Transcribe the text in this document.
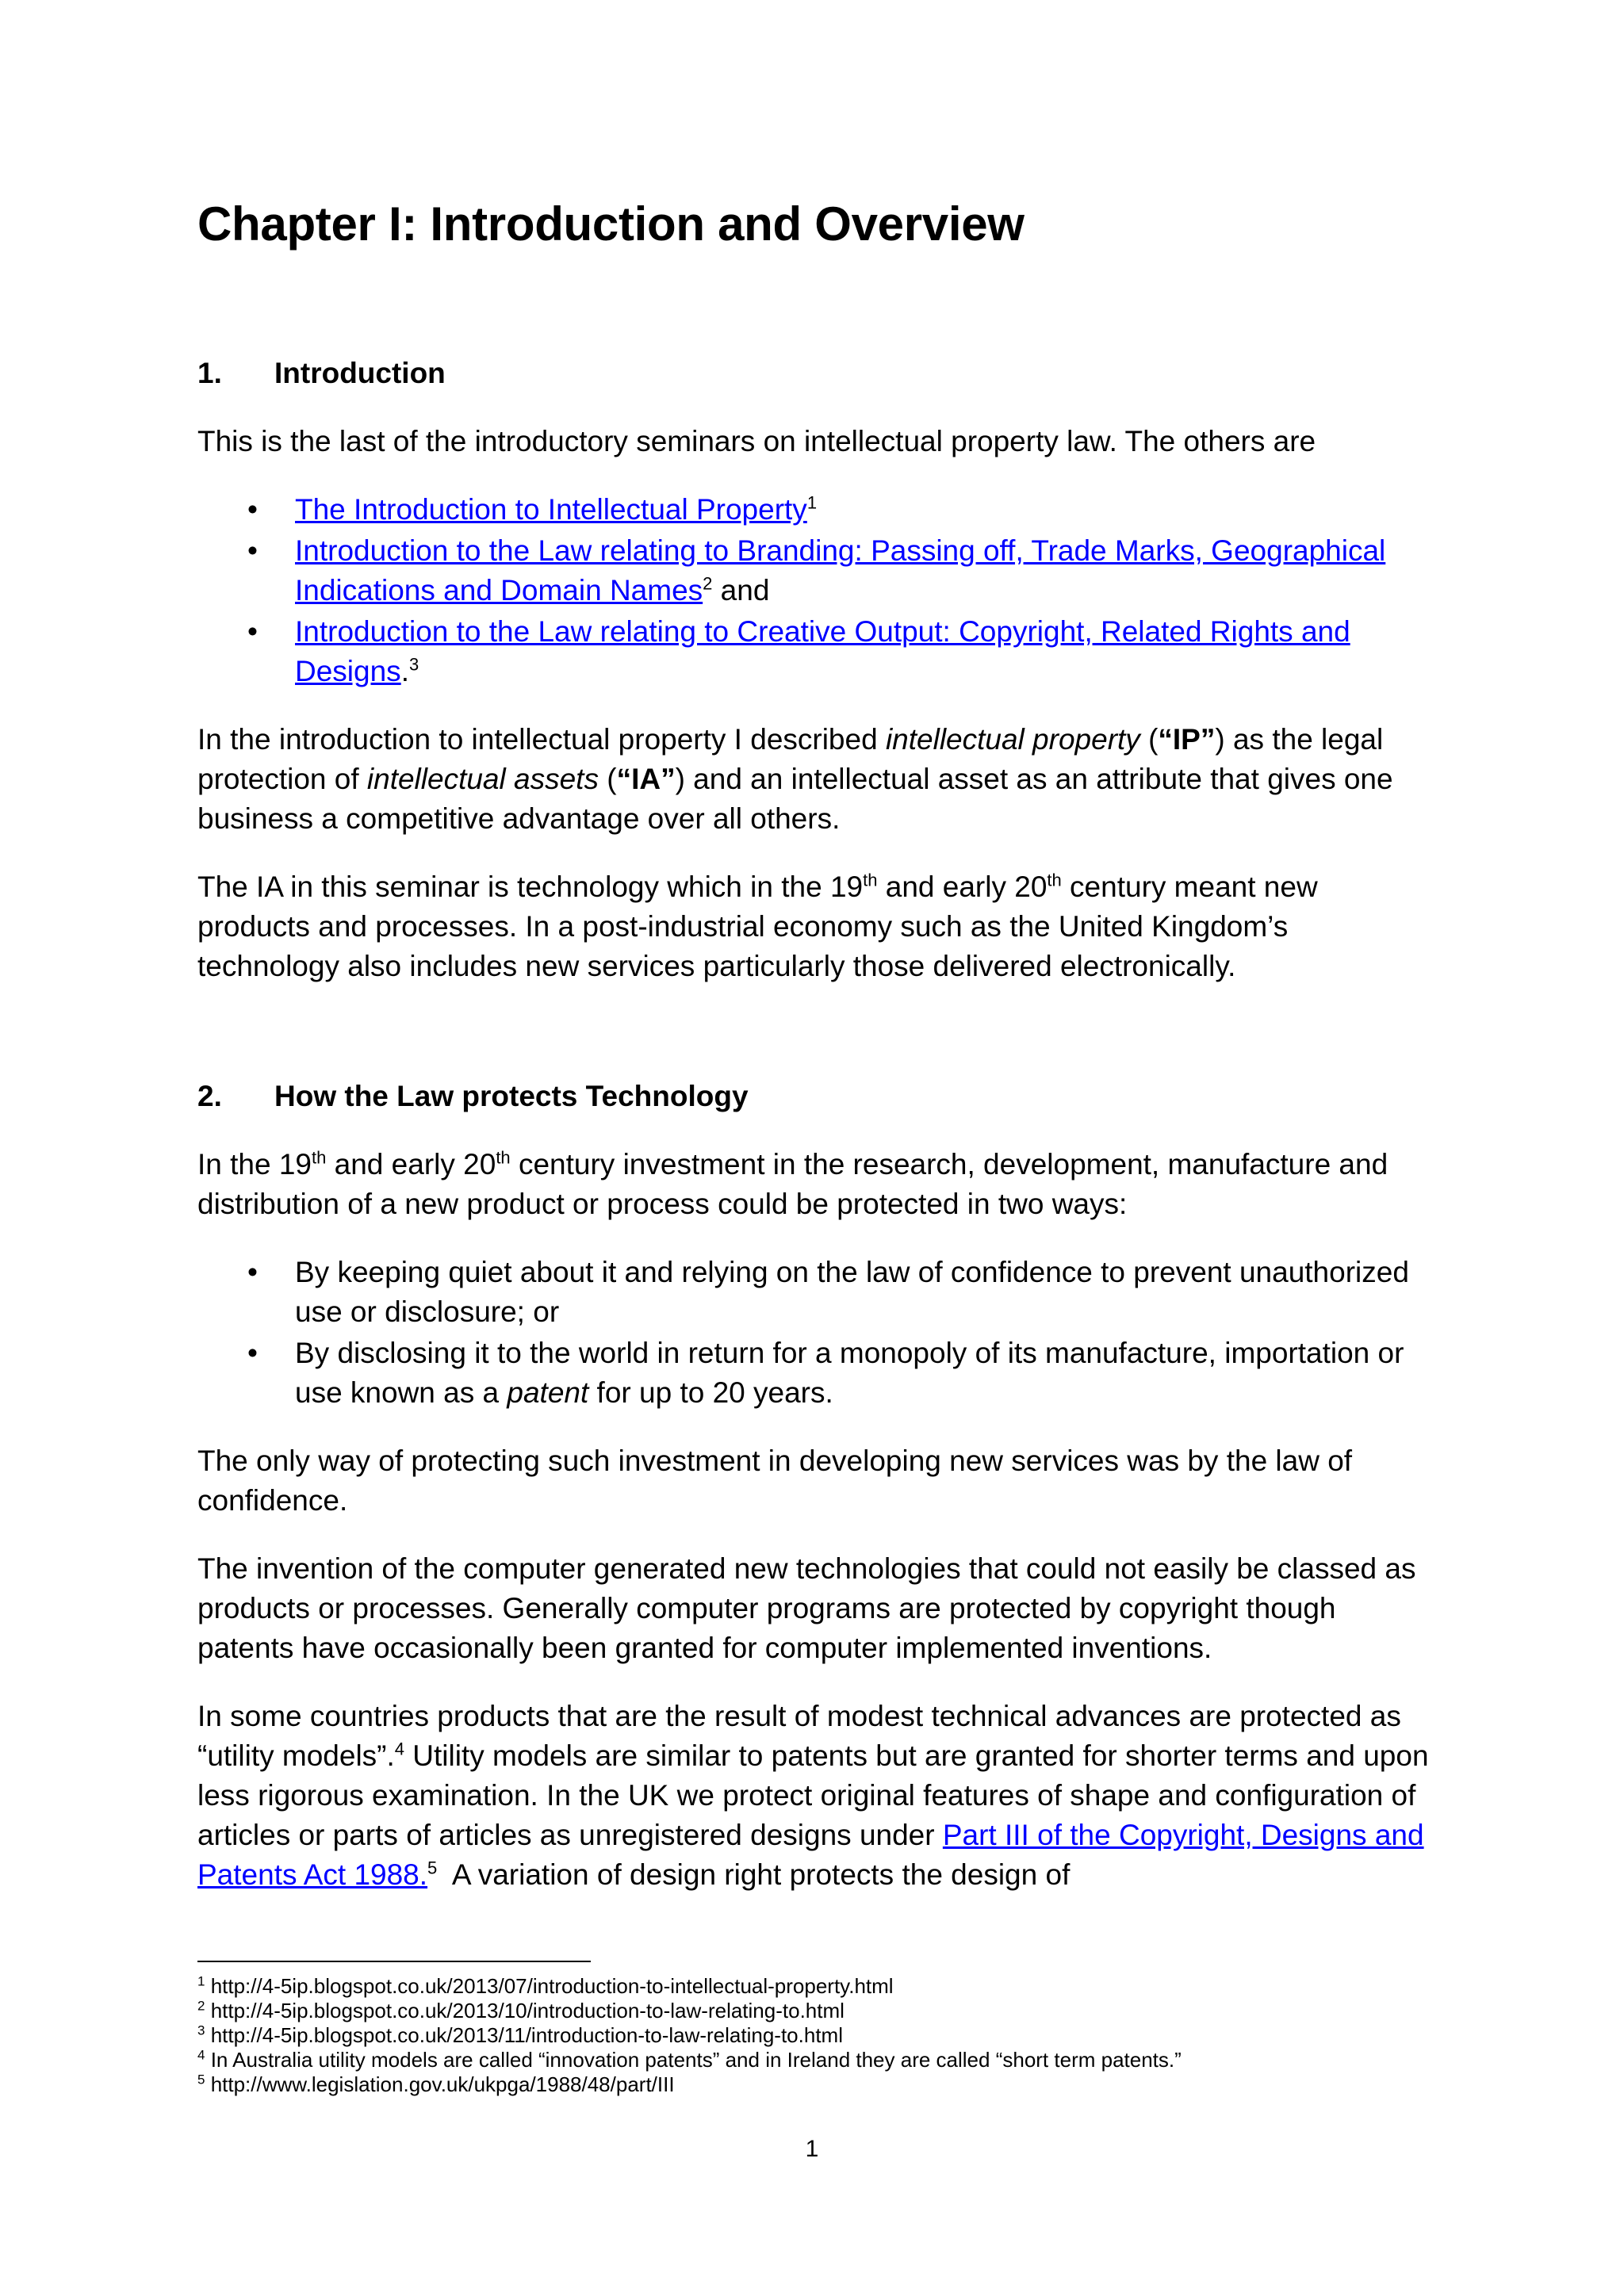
Chapter I: Introduction and Overview
1.	Introduction

This is the last of the introductory seminars on intellectual property law. The others are

• The Introduction to Intellectual Property$^1$
• Introduction to the Law relating to Branding: Passing off, Trade Marks, Geographical Indications and Domain Names$^2$ and
• Introduction to the Law relating to Creative Output: Copyright, Related Rights and Designs.$^3$

In the introduction to intellectual property I described intellectual property (“IP”) as the legal protection of intellectual assets (“IA”) and an intellectual asset as an attribute that gives one business a competitive advantage over all others.

The IA in this seminar is technology which in the 19th and early 20th century meant new products and processes. In a post-industrial economy such as the United Kingdom’s technology also includes new services particularly those delivered electronically.

2.	How the Law protects Technology

In the 19th and early 20th century investment in the research, development, manufacture and distribution of a new product or process could be protected in two ways:

• By keeping quiet about it and relying on the law of confidence to prevent unauthorized use or disclosure; or
• By disclosing it to the world in return for a monopoly of its manufacture, importation or use known as a patent for up to 20 years.

The only way of protecting such investment in developing new services was by the law of confidence.

The invention of the computer generated new technologies that could not easily be classed as products or processes. Generally computer programs are protected by copyright though patents have occasionally been granted for computer implemented inventions.

In some countries products that are the result of modest technical advances are protected as “utility models”.$^4$ Utility models are similar to patents but are granted for shorter terms and upon less rigorous examination. In the UK we protect original features of shape and configuration of articles or parts of articles as unregistered designs under Part III of the Copyright, Designs and Patents Act 1988.$^5$  A variation of design right protects the design of

$^1$ http://4-5ip.blogspot.co.uk/2013/07/introduction-to-intellectual-property.html
$^2$ http://4-5ip.blogspot.co.uk/2013/10/introduction-to-law-relating-to.html
$^3$ http://4-5ip.blogspot.co.uk/2013/11/introduction-to-law-relating-to.html
$^4$ In Australia utility models are called “innovation patents” and in Ireland they are called “short term patents.”
$^5$ http://www.legislation.gov.uk/ukpga/1988/48/part/III
1
